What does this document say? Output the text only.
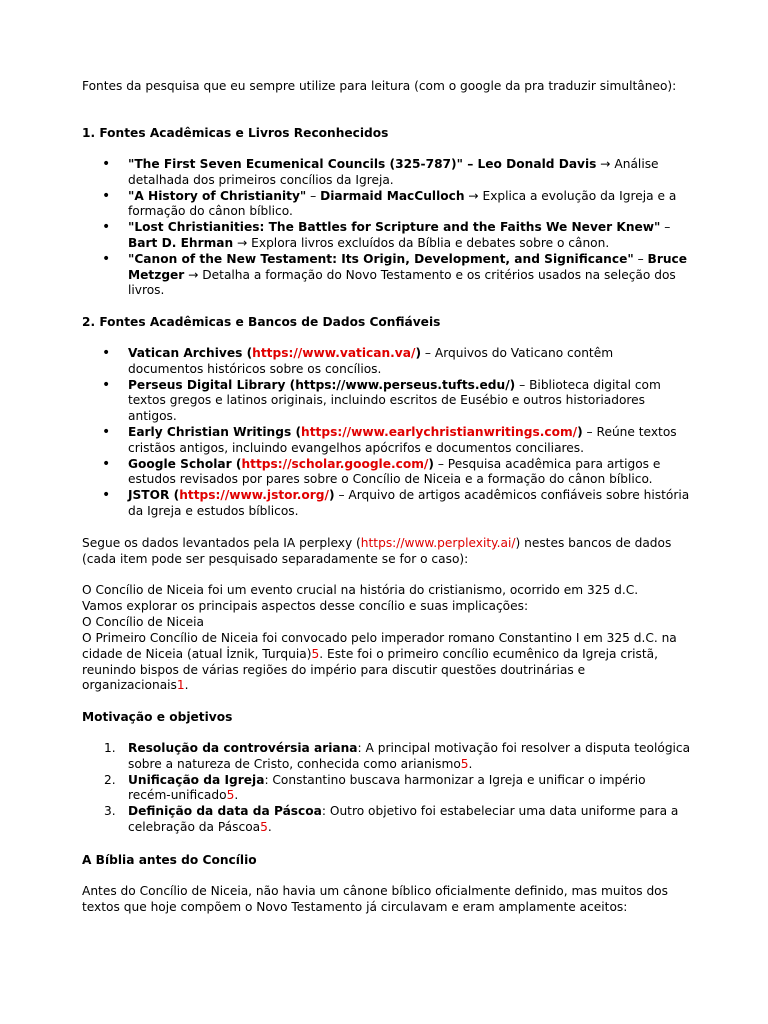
Fontes da pesquisa que eu sempre utilize para leitura (com o google da pra traduzir simultâneo):

1. Fontes Acadêmicas e Livros Reconhecidos

• "The First Seven Ecumenical Councils (325-787)" – Leo Donald Davis → Análise detalhada dos primeiros concílios da Igreja.
• "A History of Christianity" – Diarmaid MacCulloch → Explica a evolução da Igreja e a formação do cânon bíblico.
• "Lost Christianities: The Battles for Scripture and the Faiths We Never Knew" – Bart D. Ehrman → Explora livros excluídos da Bíblia e debates sobre o cânon.
• "Canon of the New Testament: Its Origin, Development, and Significance" – Bruce Metzger → Detalha a formação do Novo Testamento e os critérios usados na seleção dos livros.

2. Fontes Acadêmicas e Bancos de Dados Confiáveis

• Vatican Archives (https://www.vatican.va/) – Arquivos do Vaticano contêm documentos históricos sobre os concílios.
• Perseus Digital Library (https://www.perseus.tufts.edu/) – Biblioteca digital com textos gregos e latinos originais, incluindo escritos de Eusébio e outros historiadores antigos.
• Early Christian Writings (https://www.earlychristianwritings.com/) – Reúne textos cristãos antigos, incluindo evangelhos apócrifos e documentos conciliares.
• Google Scholar (https://scholar.google.com/) – Pesquisa acadêmica para artigos e estudos revisados por pares sobre o Concílio de Niceia e a formação do cânon bíblico.
• JSTOR (https://www.jstor.org/) – Arquivo de artigos acadêmicos confiáveis sobre história da Igreja e estudos bíblicos.

Segue os dados levantados pela IA perplexy (https://www.perplexity.ai/) nestes bancos de dados (cada item pode ser pesquisado separadamente se for o caso):

O Concílio de Niceia foi um evento crucial na história do cristianismo, ocorrido em 325 d.C.

Vamos explorar os principais aspectos desse concílio e suas implicações:

O Concílio de Niceia

O Primeiro Concílio de Niceia foi convocado pelo imperador romano Constantino I em 325 d.C. na cidade de Niceia (atual İznik, Turquia)5. Este foi o primeiro concílio ecumênico da Igreja cristã, reunindo bispos de várias regiões do império para discutir questões doutrinárias e organizacionais1.

Motivação e objetivos

1. Resolução da controvérsia ariana: A principal motivação foi resolver a disputa teológica sobre a natureza de Cristo, conhecida como arianismo5.
2. Unificação da Igreja: Constantino buscava harmonizar a Igreja e unificar o império recém-unificado5.
3. Definição da data da Páscoa: Outro objetivo foi estabeleciar uma data uniforme para a celebração da Páscoa5.

A Bíblia antes do Concílio

Antes do Concílio de Niceia, não havia um cânone bíblico oficialmente definido, mas muitos dos textos que hoje compõem o Novo Testamento já circulavam e eram amplamente aceitos:
